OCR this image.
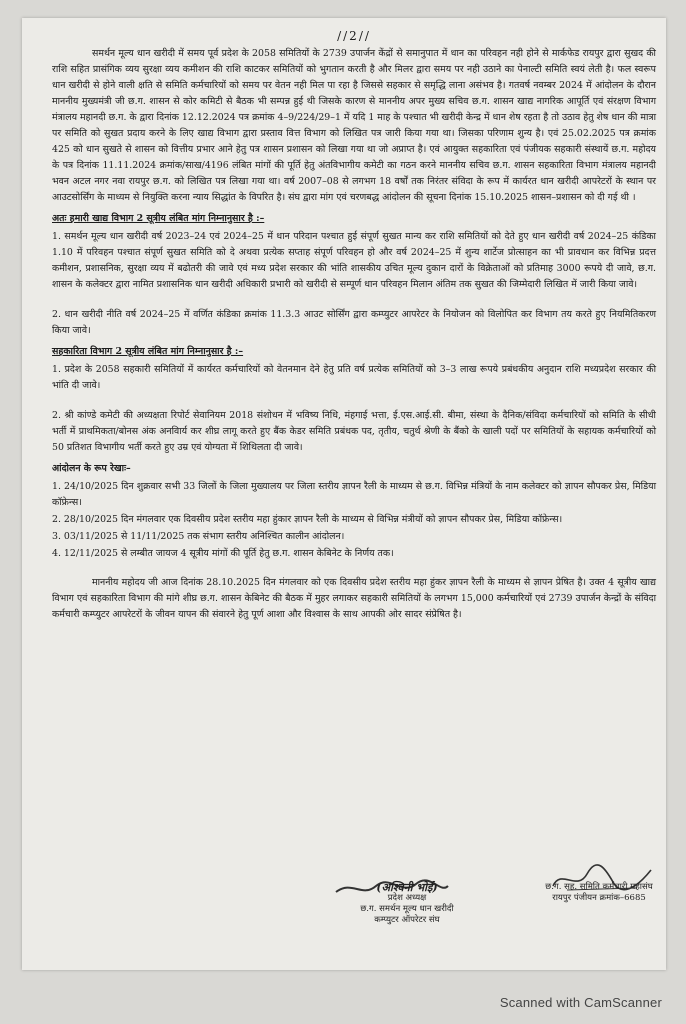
//2//

समर्थन मूल्य धान खरीदी में समय पूर्व प्रदेश के 2058 समितियों के 2739 उपार्जन केंद्रों से समानुपात में धान का परिवहन नही होने से मार्कफेड रायपुर द्वारा सुखद की राशि सहित प्रासंगिक व्यय सुरक्षा व्यय कमीशन की राशि काटकर समितियों को भुगतान करती है और मिलर द्वारा समय पर नही उठाने का पेनाल्टी समिति स्वयं लेती है। फल स्वरूप धान खरीदी से होने वाली क्षति से समिति कर्मचारियों को समय पर वेतन नही मिल पा रहा है जिससे सहकार से समृद्धि लाना असंभव है। गतवर्ष नवम्बर 2024 में आंदोलन के दौरान माननीय मुख्यमंत्री जी छ.ग. शासन से कोर कमिटी से बैठक भी सम्पन्न हुई थी जिसके कारण से माननीय अपर मुख्य सचिव छ.ग. शासन खाद्य नागरिक आपूर्ति एवं संरक्षण विभाग मंत्रालय महानदी छ.ग. के द्वारा दिनांक 12.12.2024 पत्र क्रमांक 4–9/224/29–1 में यदि 1 माह के पश्चात भी खरीदी केन्द्र में धान शेष रहता है तो उठाव हेतु शेष धान की मात्रा पर समिति को सुखत प्रदाय करने के लिए खाद्य विभाग द्वारा प्रस्ताव वित्त विभाग को लिखित पत्र जारी किया गया था। जिसका परिणाम शुन्य है। एवं 25.02.2025 पत्र क्रमांक 425 को धान सुखते से शासन को वित्तीय प्रभार आने हेतु पत्र शासन प्रशासन को लिखा गया था जो अप्राप्त है। एवं आयुक्त सहकारिता एवं पंजीयक सहकारी संस्थायें छ.ग. महोदय के पत्र दिनांक 11.11.2024 क्रमांक/साख/4196 लंबित मांगों की पूर्ति हेतु अंतविभागीय कमेटी का गठन करने माननीय सचिव छ.ग. शासन सहकारिता विभाग मंत्रालय महानदी भवन अटल नगर नवा रायपुर छ.ग. को लिखित पत्र लिखा गया था। वर्ष 2007–08 से लगभग 18 वर्षों तक निरंतर संविदा के रूप में कार्यरत धान खरीदी आपरेटरों के स्थान पर आउटसोर्सिंग के माध्यम से नियुक्ति करना न्याय सिद्धांत के विपरित है। संघ द्वारा मांग एवं चरणबद्ध आंदोलन की सूचना दिनांक 15.10.2025 शासन–प्रशासन को दी गई थी ।

अतः हमारी खाद्य विभाग 2 सूत्रीय लंबित मांग निम्नानुसार है :–

1. समर्थन मूल्य धान खरीदी वर्ष 2023–24 एवं 2024–25 में धान परिदान पश्चात हुई संपूर्ण सुखत मान्य कर राशि समितियों को देते हुए धान खरीदी वर्ष 2024–25 कंडिका 1.10 में परिवहन पश्चात संपूर्ण सुखत समिति को दे अथवा प्रत्येक सप्ताह संपूर्ण परिवहन हो और वर्ष 2024–25 में शुन्य शार्टेज प्रोत्साहन का भी प्रावधान कर विभिन्न प्रदत्त कमीशन, प्रशासनिक, सुरक्षा व्यय में बढोतरी की जावे एवं मध्य प्रदेश सरकार की भांति शासकीय उचित मूल्य दुकान दारों के विक्रेताओं को प्रतिमाह 3000 रूपये दी जावे, छ.ग. शासन के कलेक्टर द्वारा नामित प्रशासनिक धान खरीदी अधिकारी प्रभारी को खरीदी से सम्पूर्ण धान परिवहन मिलान अंतिम तक सुखत की जिम्मेदारी लिखित में जारी किया जावे।

2. धान खरीदी नीति वर्ष 2024–25 में वर्णित कंडिका क्रमांक 11.3.3 आउट सोर्सिंग द्वारा कम्प्युटर आपरेटर के नियोजन को विलोपित कर विभाग तय करते हुए नियमितिकरण किया जावे।

सहकारिता विभाग 2 सूत्रीय लंबित मांग निम्नानुसार है :–

1. प्रदेश के 2058 सहकारी समितियों में कार्यरत कर्मचारियों को वेतनमान देने हेतु प्रति वर्ष प्रत्येक समितियों को 3–3 लाख रूपये प्रबंधकीय अनुदान राशि मध्यप्रदेश सरकार की भांति दी जावे।

2. श्री कांण्डे कमेटी की अध्यक्षता रिपोर्ट सेवानियम 2018 संशोधन में भविष्य निधि, मंहगाई भत्ता, ई.एस.आई.सी. बीमा, संस्था के दैनिक/संविदा कर्मचारियों को समिति के सीधी भर्ती में प्राथमिकता/बोनस अंक अनविार्य कर शीघ्र लागू करते हुए बैंक केडर समिति प्रबंधक पद, तृतीय, चतुर्थ श्रेणी के बैंको के खाली पदों पर समितियों के सहायक कर्मचारियों को 50 प्रतिशत विभागीय भर्ती करते हुए उम्र एवं योग्यता में शिथिलता दी जावे।

आंदोलन के रूप रेखाः–
1. 24/10/2025 दिन शुक्रवार सभी 33 जिलों के जिला मुख्यालय पर जिला स्तरीय ज्ञापन रैली के माध्यम से छ.ग. विभिन्न मंत्रियों के नाम कलेक्टर को ज्ञापन सौपकर प्रेस, मिडिया कॉफ्रेन्स।
2. 28/10/2025 दिन मंगलवार एक दिवसीय प्रदेश स्तरीय महा हुंकार ज्ञापन रैली के माध्यम से विभिन्न मंत्रीयों को ज्ञापन सौपकर प्रेस, मिडिया कॉफ्रेन्स।
3. 03/11/2025 से 11/11/2025 तक संभाग स्तरीय अनिश्चित कालीन आंदोलन।
4. 12/11/2025 से लम्बीत जायज 4 सूत्रीय मांगों की पूर्ति हेतु छ.ग. शासन केबिनेट के निर्णय तक।

माननीय महोदय जी आज दिनांक 28.10.2025 दिन मंगलवार को एक दिवसीय प्रदेश स्तरीय महा हुंकर ज्ञापन रैली के माध्यम से ज्ञापन प्रेषित है। उक्त 4 सूत्रीय खाद्य विभाग एवं सहकारिता विभाग की मांगे शीघ्र छ.ग. शासन केबिनेट की बैठक में मुहर लगाकर सहकारी समितियों के लगभग 15,000 कर्मचारियों एवं 2739 उपार्जन केन्द्रों के संविदा कर्मचारी कम्प्युटर आपरेटरों के जीवन यापन की संवारने हेतु पूर्ण आशा और विश्वास के साथ आपकी ओर सादर संप्रेषित है।

(अश्विनी भोई)
प्रदेश अध्यक्ष
छ.ग. समर्थन मूल्य धान खरीदी
कम्प्युटर ऑपरेटर संघ
छ.ग. सह. समिति कर्मचारी महासंघ
रायपुर पंजीयन क्रमांक–6685
Scanned with CamScanner
